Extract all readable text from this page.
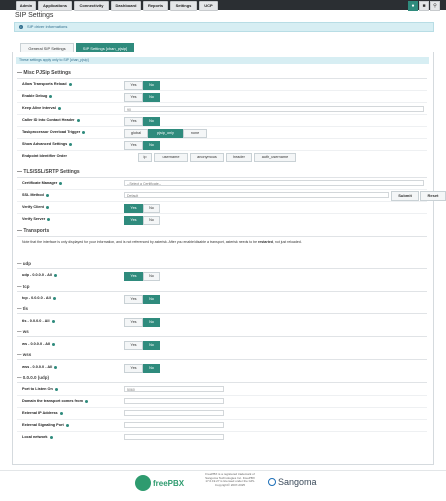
Admin	Applications	Connectivity	Dashboard	Reports	Settings	UCP	●	■	⚲
SIP Settings
i SIP driver informations
General SIP Settings	SIP Settings [chan_pjsip]
These settings apply only to SIP [chan_pjsip]
— Misc PJSip Settings
Allow Transports Reload	Yes	No
Enable Debug	Yes	No
Keep Alive Interval	90
Caller ID into Contact Header	Yes	No
Taskprocessor Overload Trigger	global	pjsip_only	none
Show Advanced Settings	Yes	No
Endpoint Identifier Order	ip	username	anonymous	header	auth_username
— TLS/SSL/SRTP Settings
Certificate Manager	--Select a Certificate--
SSL Method	Default	Submit	Reset
Verify Client	Yes	No
Verify Server	Yes	No
— Transports
Note that the interface is only displayed for your information, and is not referenced by asterisk. After you enable/disable a transport, asterisk needs to be restarted, not just reloaded.
— udp
udp - 0.0.0.0 - All	Yes	No
— tcp
tcp - 0.0.0.0 - All	Yes	No
— tls
tls - 0.0.0.0 - All	Yes	No
— ws
ws - 0.0.0.0 - All	Yes	No
— wss
wss - 0.0.0.0 - All	Yes	No
— 0.0.0.0 (udp)
Port to Listen On	5060
Domain the transport comes from
External IP Address
External Signaling Port
Local network
freePBX
FreePBX is a registered trademark of Sangoma Technologies Inc. FreePBX 17.0.19.27 is licensed under the GPL Copyright© 2007-2025	Sangoma
